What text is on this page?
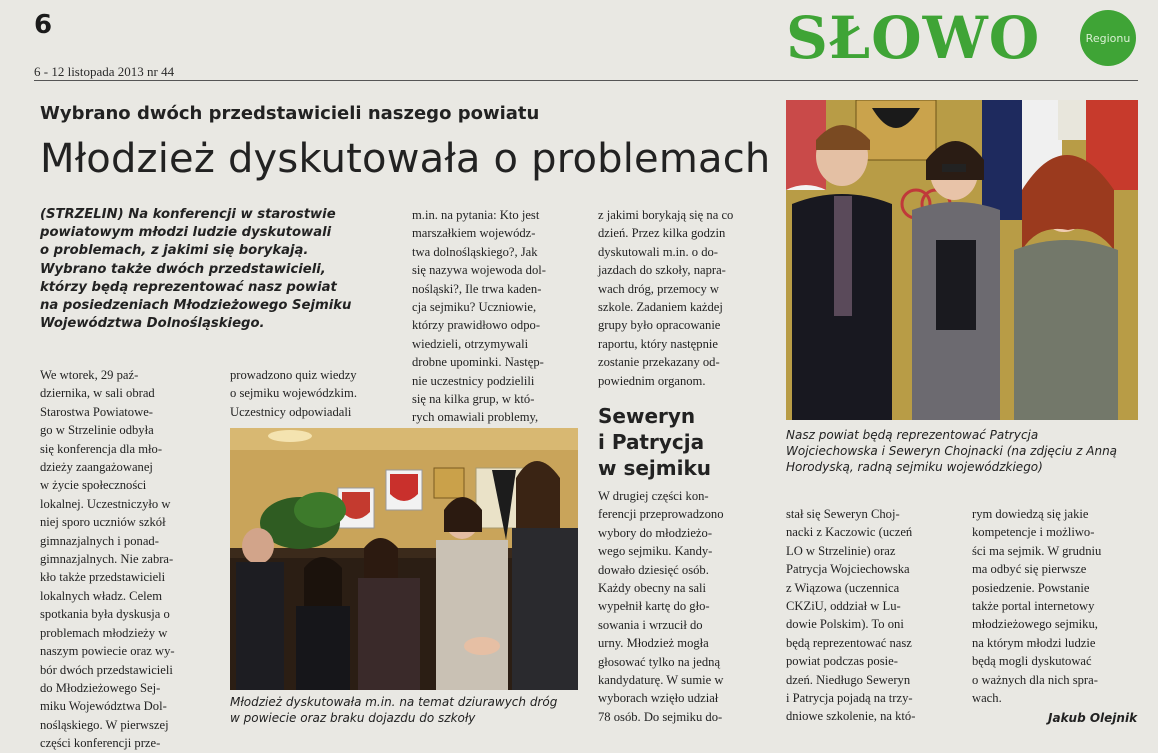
6
6 - 12 listopada 2013 nr 44	SŁOWO	Regionu
Wybrano dwóch przedstawicieli naszego powiatu
Młodzież dyskutowała o problemach
(STRZELIN) Na konferencji w starostwie
powiatowym młodzi ludzie dyskutowali
o problemach, z jakimi się borykają.
Wybrano także dwóch przedstawicieli,
którzy będą reprezentować nasz powiat
na posiedzeniach Młodzieżowego Sejmiku
Województwa Dolnośląskiego.
We wtorek, 29 paź-
dziernika, w sali obrad
Starostwa Powiatowe-
go w Strzelinie odbyła
się konferencja dla mło-
dzieży zaangażowanej
w życie społeczności
lokalnej. Uczestniczyło w
niej sporo uczniów szkół
gimnazjalnych i ponad-
gimnazjalnych. Nie zabra-
kło także przedstawicieli
lokalnych władz. Celem
spotkania była dyskusja o
problemach młodzieży w
naszym powiecie oraz wy-
bór dwóch przedstawicieli
do Młodzieżowego Sej-
miku Województwa Dol-
nośląskiego. W pierwszej
części konferencji prze-
prowadzono quiz wiedzy
o sejmiku wojewódzkim.
Uczestnicy odpowiadali
m.in. na pytania: Kto jest
marszałkiem wojewódz-
twa dolnośląskiego?, Jak
się nazywa wojewoda dol-
nośląski?, Ile trwa kaden-
cja sejmiku? Uczniowie,
którzy prawidłowo odpo-
wiedzieli, otrzymywali
drobne upominki. Następ-
nie uczestnicy podzielili
się na kilka grup, w któ-
rych omawiali problemy,
z jakimi borykają się na co
dzień. Przez kilka godzin
dyskutowali m.in. o do-
jazdach do szkoły, napra-
wach dróg, przemocy w
szkole. Zadaniem każdej
grupy było opracowanie
raportu, który następnie
zostanie przekazany od-
powiednim organom.
Seweryn
i Patrycja
w sejmiku
W drugiej części kon-
ferencji przeprowadzono
wybory do młodzieżo-
wego sejmiku. Kandy-
dowało dziesięć osób.
Każdy obecny na sali
wypełnił kartę do gło-
sowania i wrzucił do
urny. Młodzież mogła
głosować tylko na jedną
kandydaturę. W sumie w
wyborach wzięło udział
78 osób. Do sejmiku do-
stał się Seweryn Choj-
nacki z Kaczowic (uczeń
LO w Strzelinie) oraz
Patrycja Wojciechowska
z Wiązowa (uczennica
CKZiU, oddział w Lu-
dowie Polskim). To oni
będą reprezentować nasz
powiat podczas posie-
dzeń. Niedługo Seweryn
i Patrycja pojadą na trzy-
dniowe szkolenie, na któ-
rym dowiedzą się jakie
kompetencje i możliwo-
ści ma sejmik. W grudniu
ma odbyć się pierwsze
posiedzenie. Powstanie
także portal internetowy
młodzieżowego sejmiku,
na którym młodzi ludzie
będą mogli dyskutować
o ważnych dla nich spra-
wach.
Młodzież dyskutowała m.in. na temat dziurawych dróg
w powiecie oraz braku dojazdu do szkoły
Nasz powiat będą reprezentować Patrycja
Wojciechowska i Seweryn Chojnacki (na zdjęciu z Anną
Horodyską, radną sejmiku wojewódzkiego)
Jakub Olejnik
